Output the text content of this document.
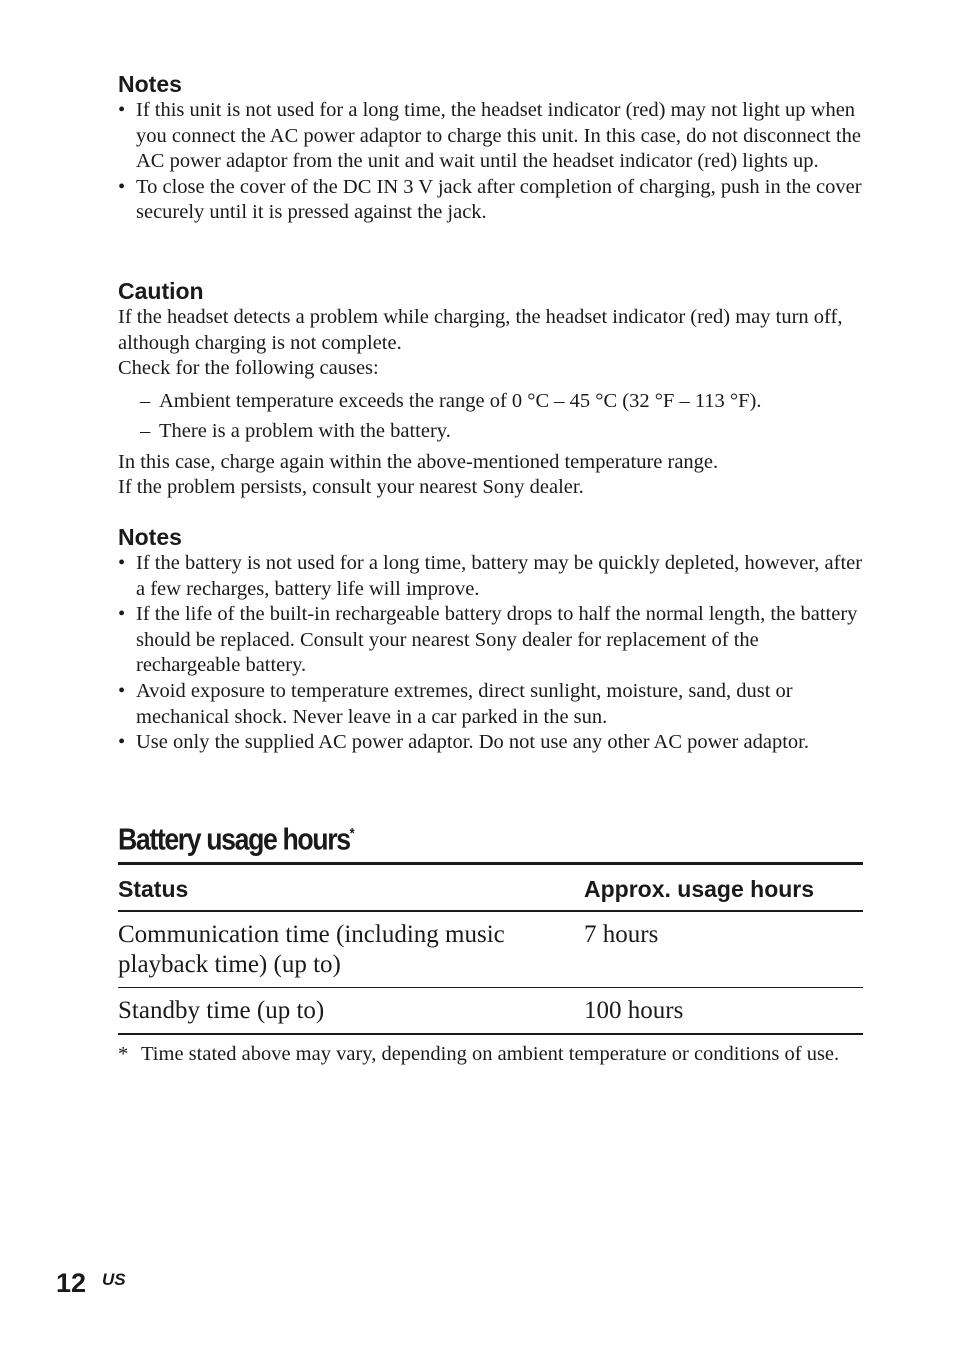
Notes
• If this unit is not used for a long time, the headset indicator (red) may not light up when you connect the AC power adaptor to charge this unit. In this case, do not disconnect the AC power adaptor from the unit and wait until the headset indicator (red) lights up.
• To close the cover of the DC IN 3 V jack after completion of charging, push in the cover securely until it is pressed against the jack.
Caution

If the headset detects a problem while charging, the headset indicator (red) may turn off, although charging is not complete.

Check for the following causes:

– Ambient temperature exceeds the range of 0 °C – 45 °C (32 °F – 113 °F).
– There is a problem with the battery.

In this case, charge again within the above-mentioned temperature range.

If the problem persists, consult your nearest Sony dealer.

Notes
• If the battery is not used for a long time, battery may be quickly depleted, however, after a few recharges, battery life will improve.
• If the life of the built-in rechargeable battery drops to half the normal length, the battery should be replaced. Consult your nearest Sony dealer for replacement of the rechargeable battery.
• Avoid exposure to temperature extremes, direct sunlight, moisture, sand, dust or mechanical shock. Never leave in a car parked in the sun.
• Use only the supplied AC power adaptor. Do not use any other AC power adaptor.
Battery usage hours*
Status	Approx. usage hours
Communication time (including music playback time) (up to)	7 hours
Standby time (up to)	100 hours
* Time stated above may vary, depending on ambient temperature or conditions of use.
12 US
